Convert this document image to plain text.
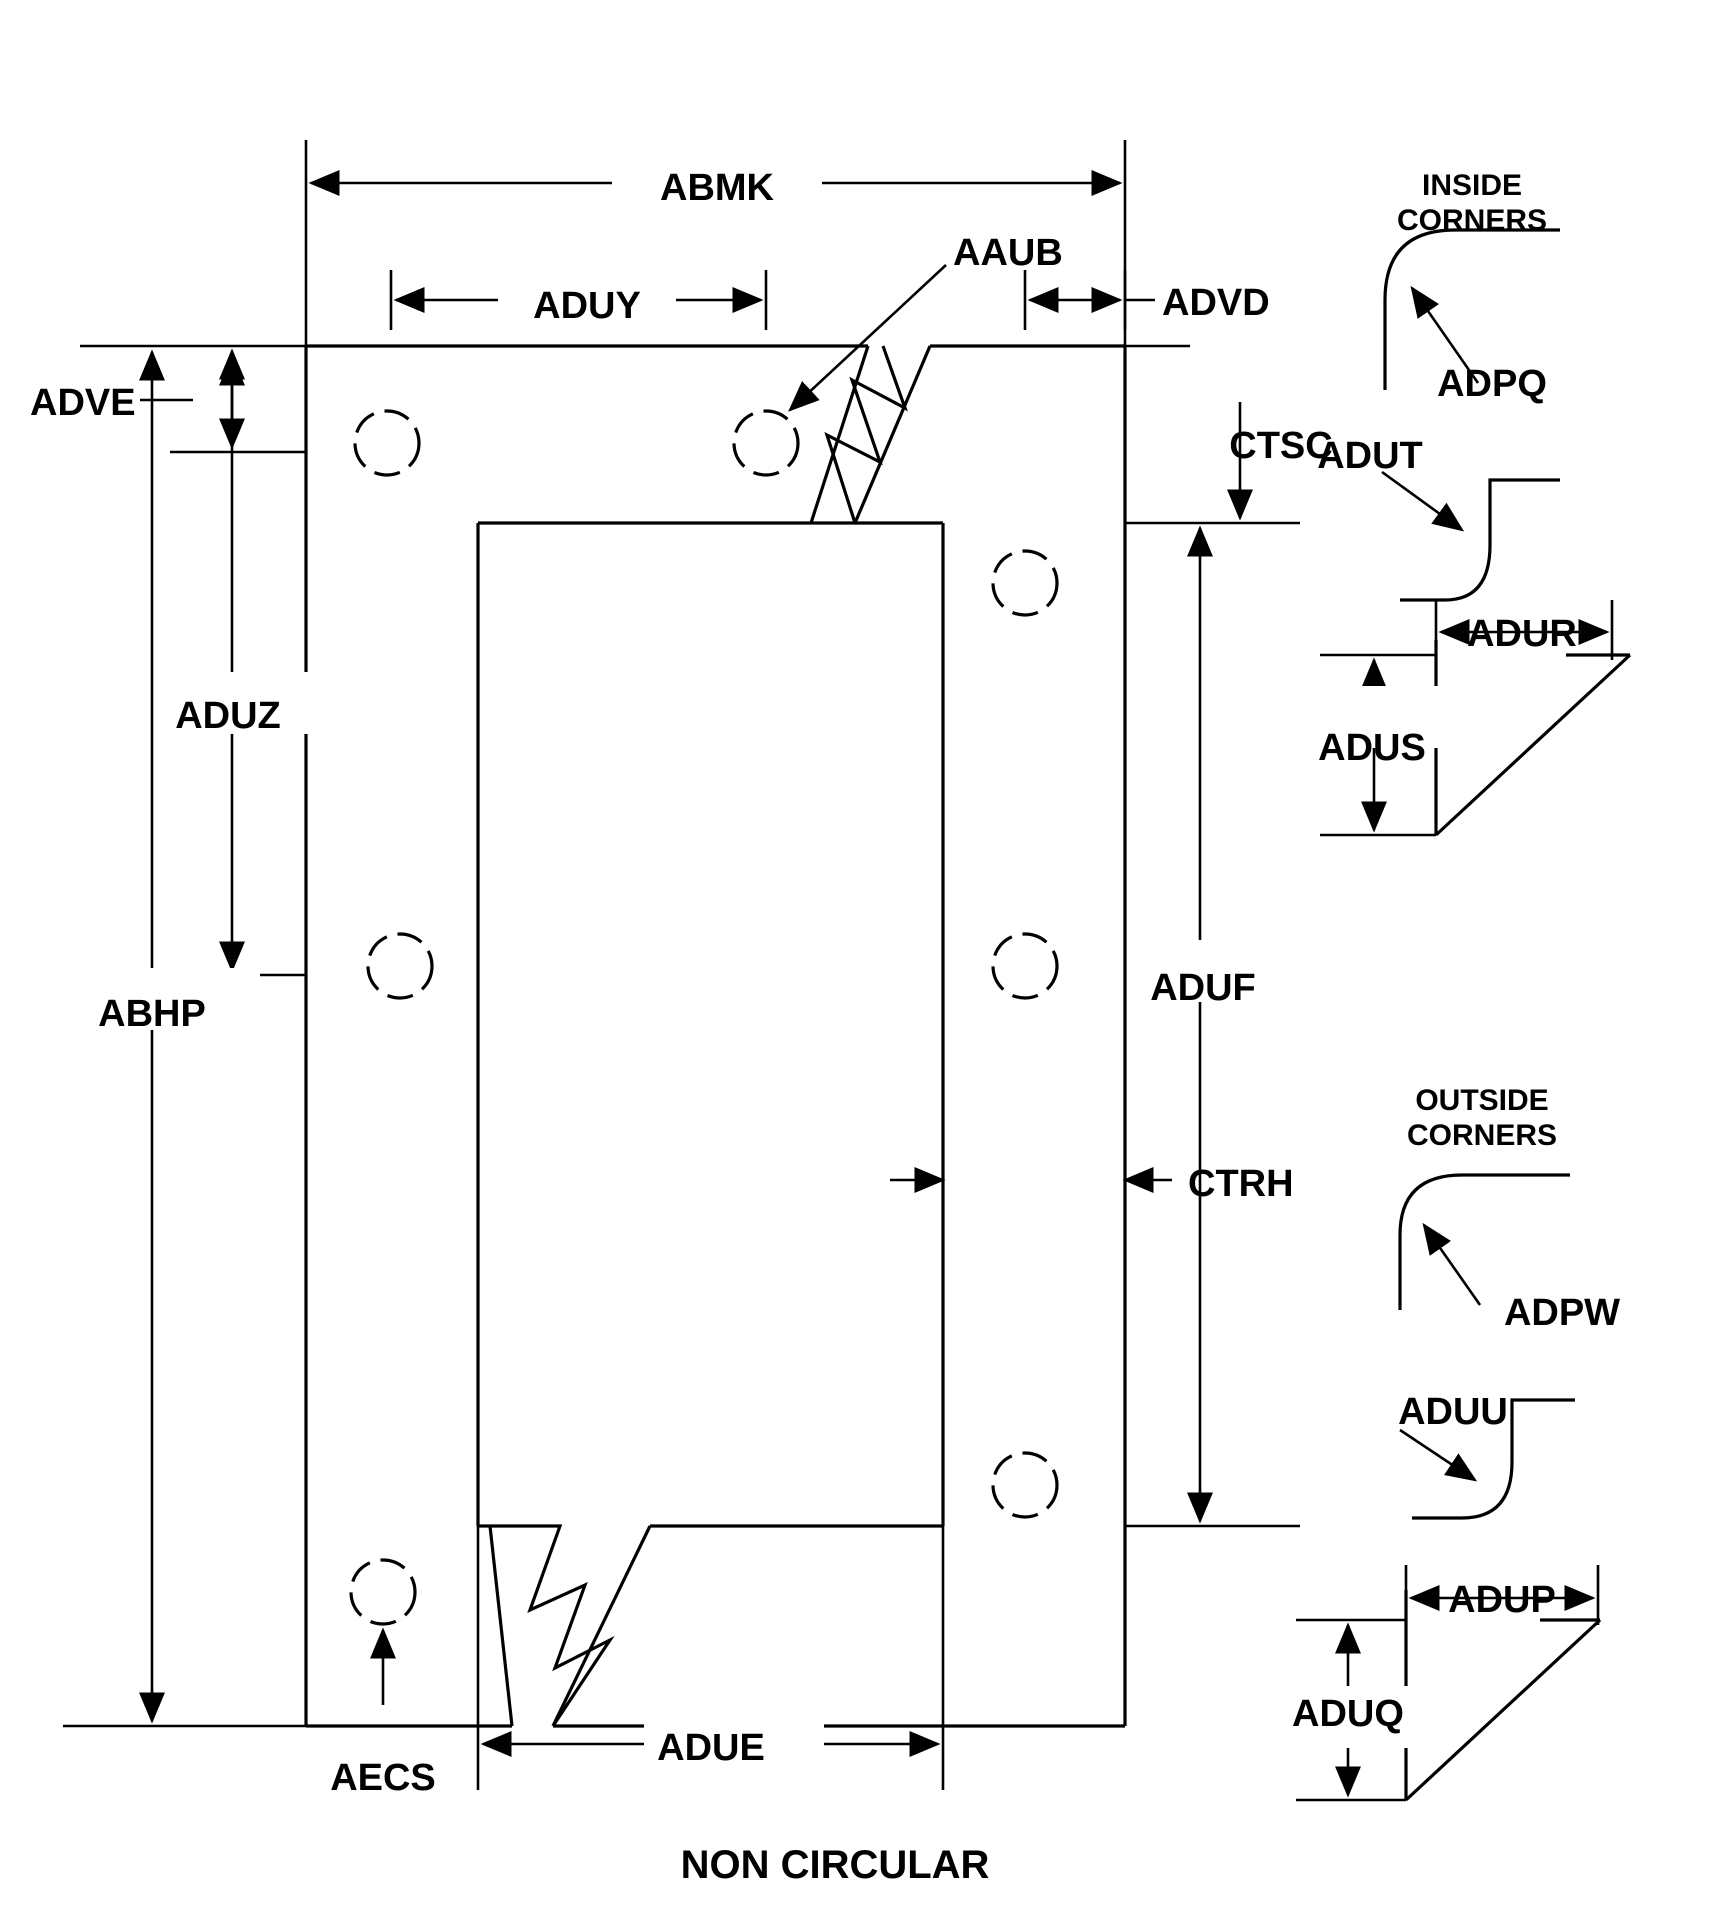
ABMK
ADUY
AAUB
ADVD
ADVE
CTSC
ADUZ
ABHP
ADUF
CTRH
AECS
ADUE
INSIDE
CORNERS
ADPQ
ADUT
ADUR
ADUS
OUTSIDE
CORNERS
ADPW
ADUU
ADUP
ADUQ
NON CIRCULAR
